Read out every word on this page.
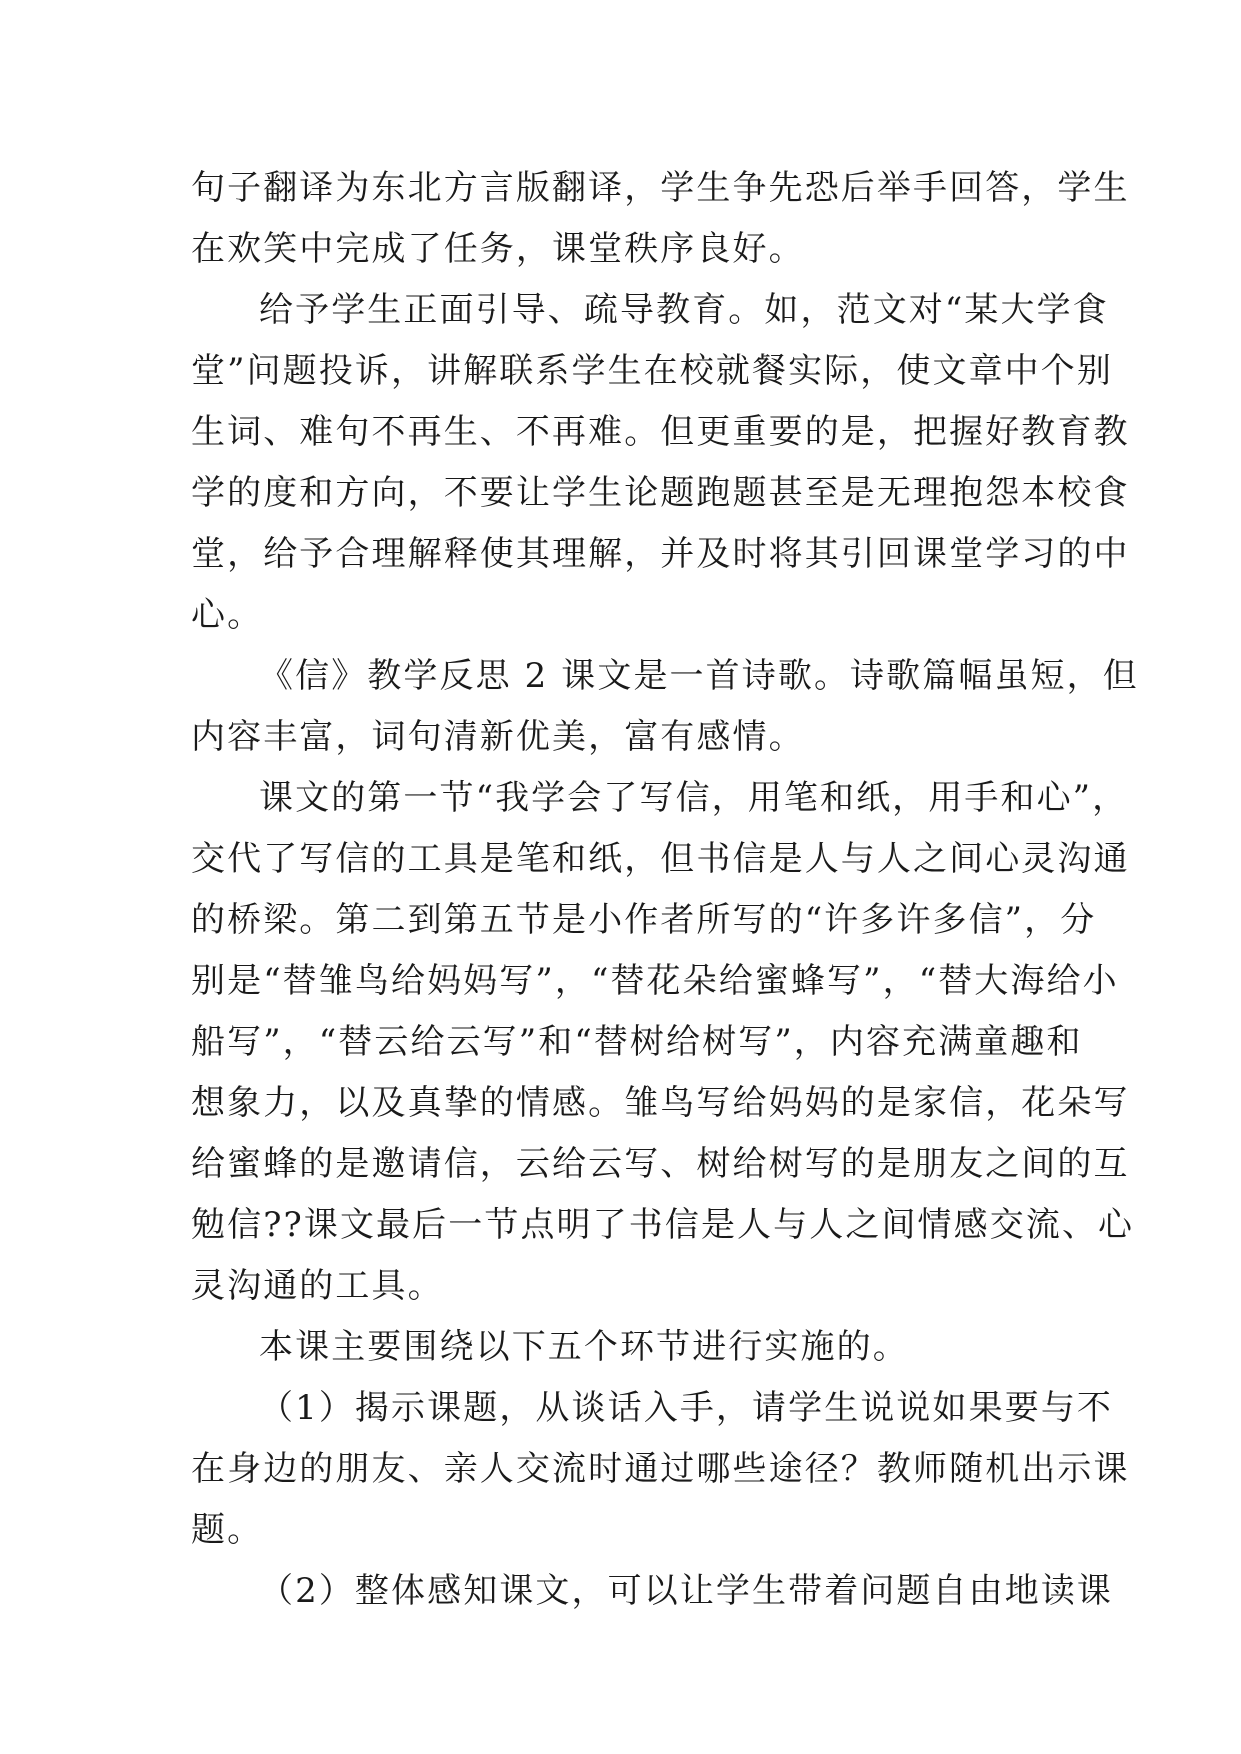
句子翻译为东北方言版翻译，学生争先恐后举手回答，学生
在欢笑中完成了任务，课堂秩序良好。
给予学生正面引导、疏导教育。如，范文对“某大学食
堂”问题投诉，讲解联系学生在校就餐实际，使文章中个别
生词、难句不再生、不再难。但更重要的是，把握好教育教
学的度和方向，不要让学生论题跑题甚至是无理抱怨本校食
堂，给予合理解释使其理解，并及时将其引回课堂学习的中
心。
《信》教学反思 2 课文是一首诗歌。诗歌篇幅虽短，但
内容丰富，词句清新优美，富有感情。
课文的第一节“我学会了写信，用笔和纸，用手和心”，
交代了写信的工具是笔和纸，但书信是人与人之间心灵沟通
的桥梁。第二到第五节是小作者所写的“许多许多信”，分
别是“替雏鸟给妈妈写”，“替花朵给蜜蜂写”，“替大海给小
船写”，“替云给云写”和“替树给树写”，内容充满童趣和
想象力，以及真挚的情感。雏鸟写给妈妈的是家信，花朵写
给蜜蜂的是邀请信，云给云写、树给树写的是朋友之间的互
勉信??课文最后一节点明了书信是人与人之间情感交流、心
灵沟通的工具。
本课主要围绕以下五个环节进行实施的。
（1）揭示课题，从谈话入手，请学生说说如果要与不
在身边的朋友、亲人交流时通过哪些途径？教师随机出示课
题。
（2）整体感知课文，可以让学生带着问题自由地读课
